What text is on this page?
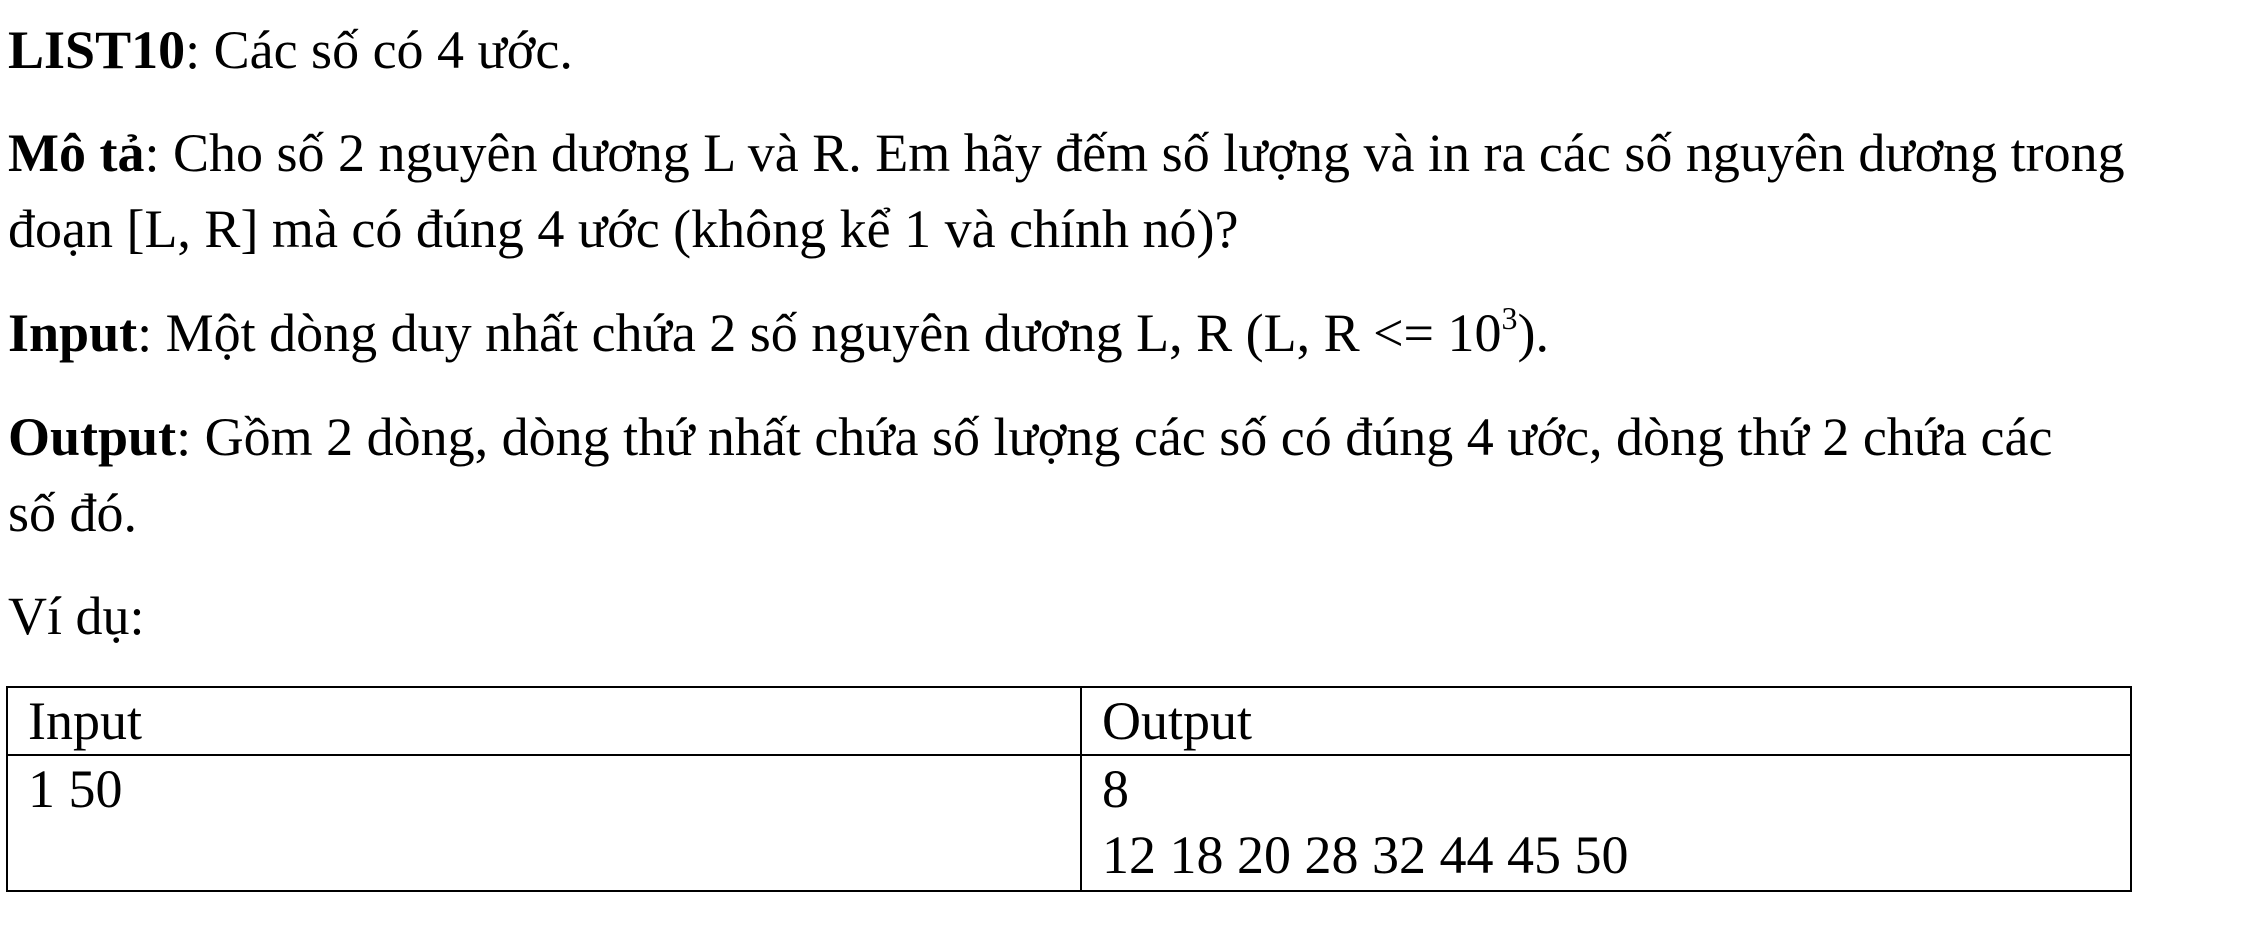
LIST10: Các số có 4 ước.

Mô tả: Cho số 2 nguyên dương L và R. Em hãy đếm số lượng và in ra các số nguyên dương trong

đoạn [L, R] mà có đúng 4 ước (không kể 1 và chính nó)?

Input: Một dòng duy nhất chứa 2 số nguyên dương L, R (L, $R <= 10^3$).

Output: Gồm 2 dòng, dòng thứ nhất chứa số lượng các số có đúng 4 ước, dòng thứ 2 chứa các

số đó.

Ví dụ:

Input	Output

1 50	8
12 18 20 28 32 44 45 50
